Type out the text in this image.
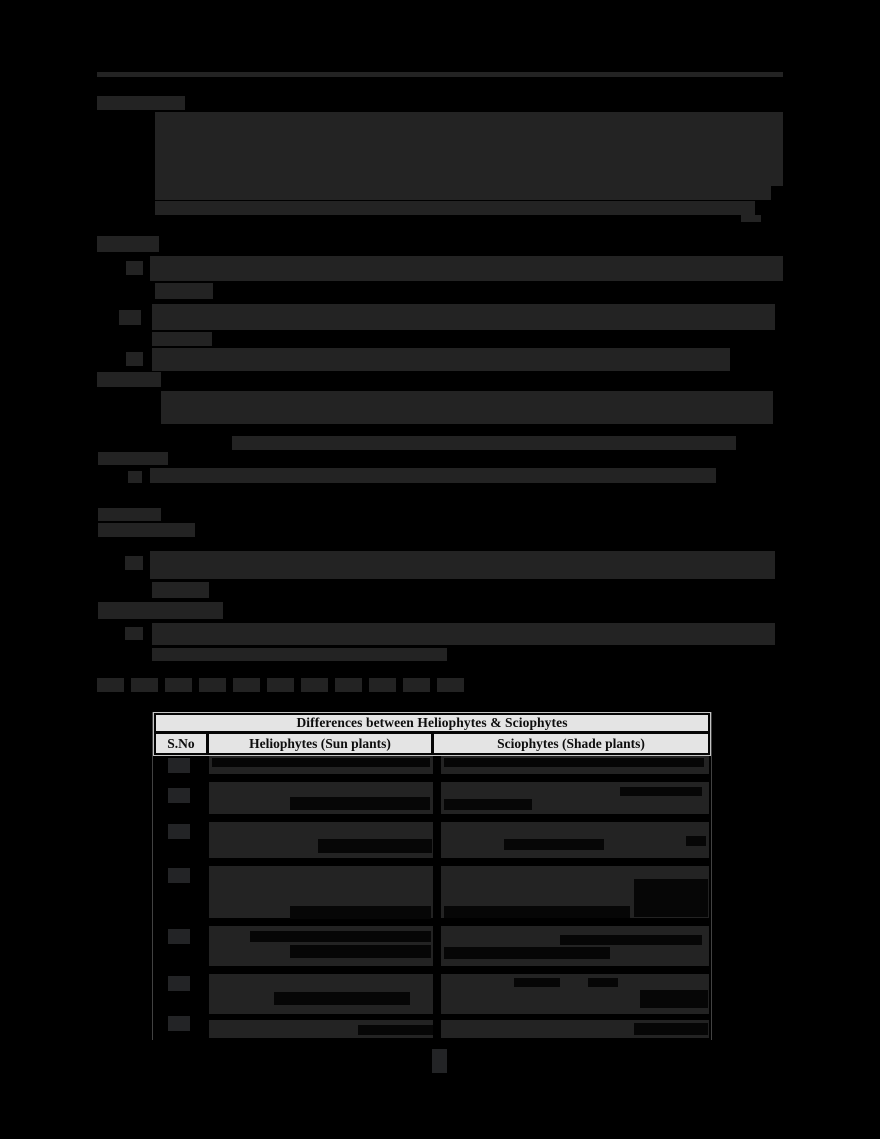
Differences between Heliophytes & Sciophytes
S.No	Heliophytes (Sun plants)	Sciophytes (Shade plants)
